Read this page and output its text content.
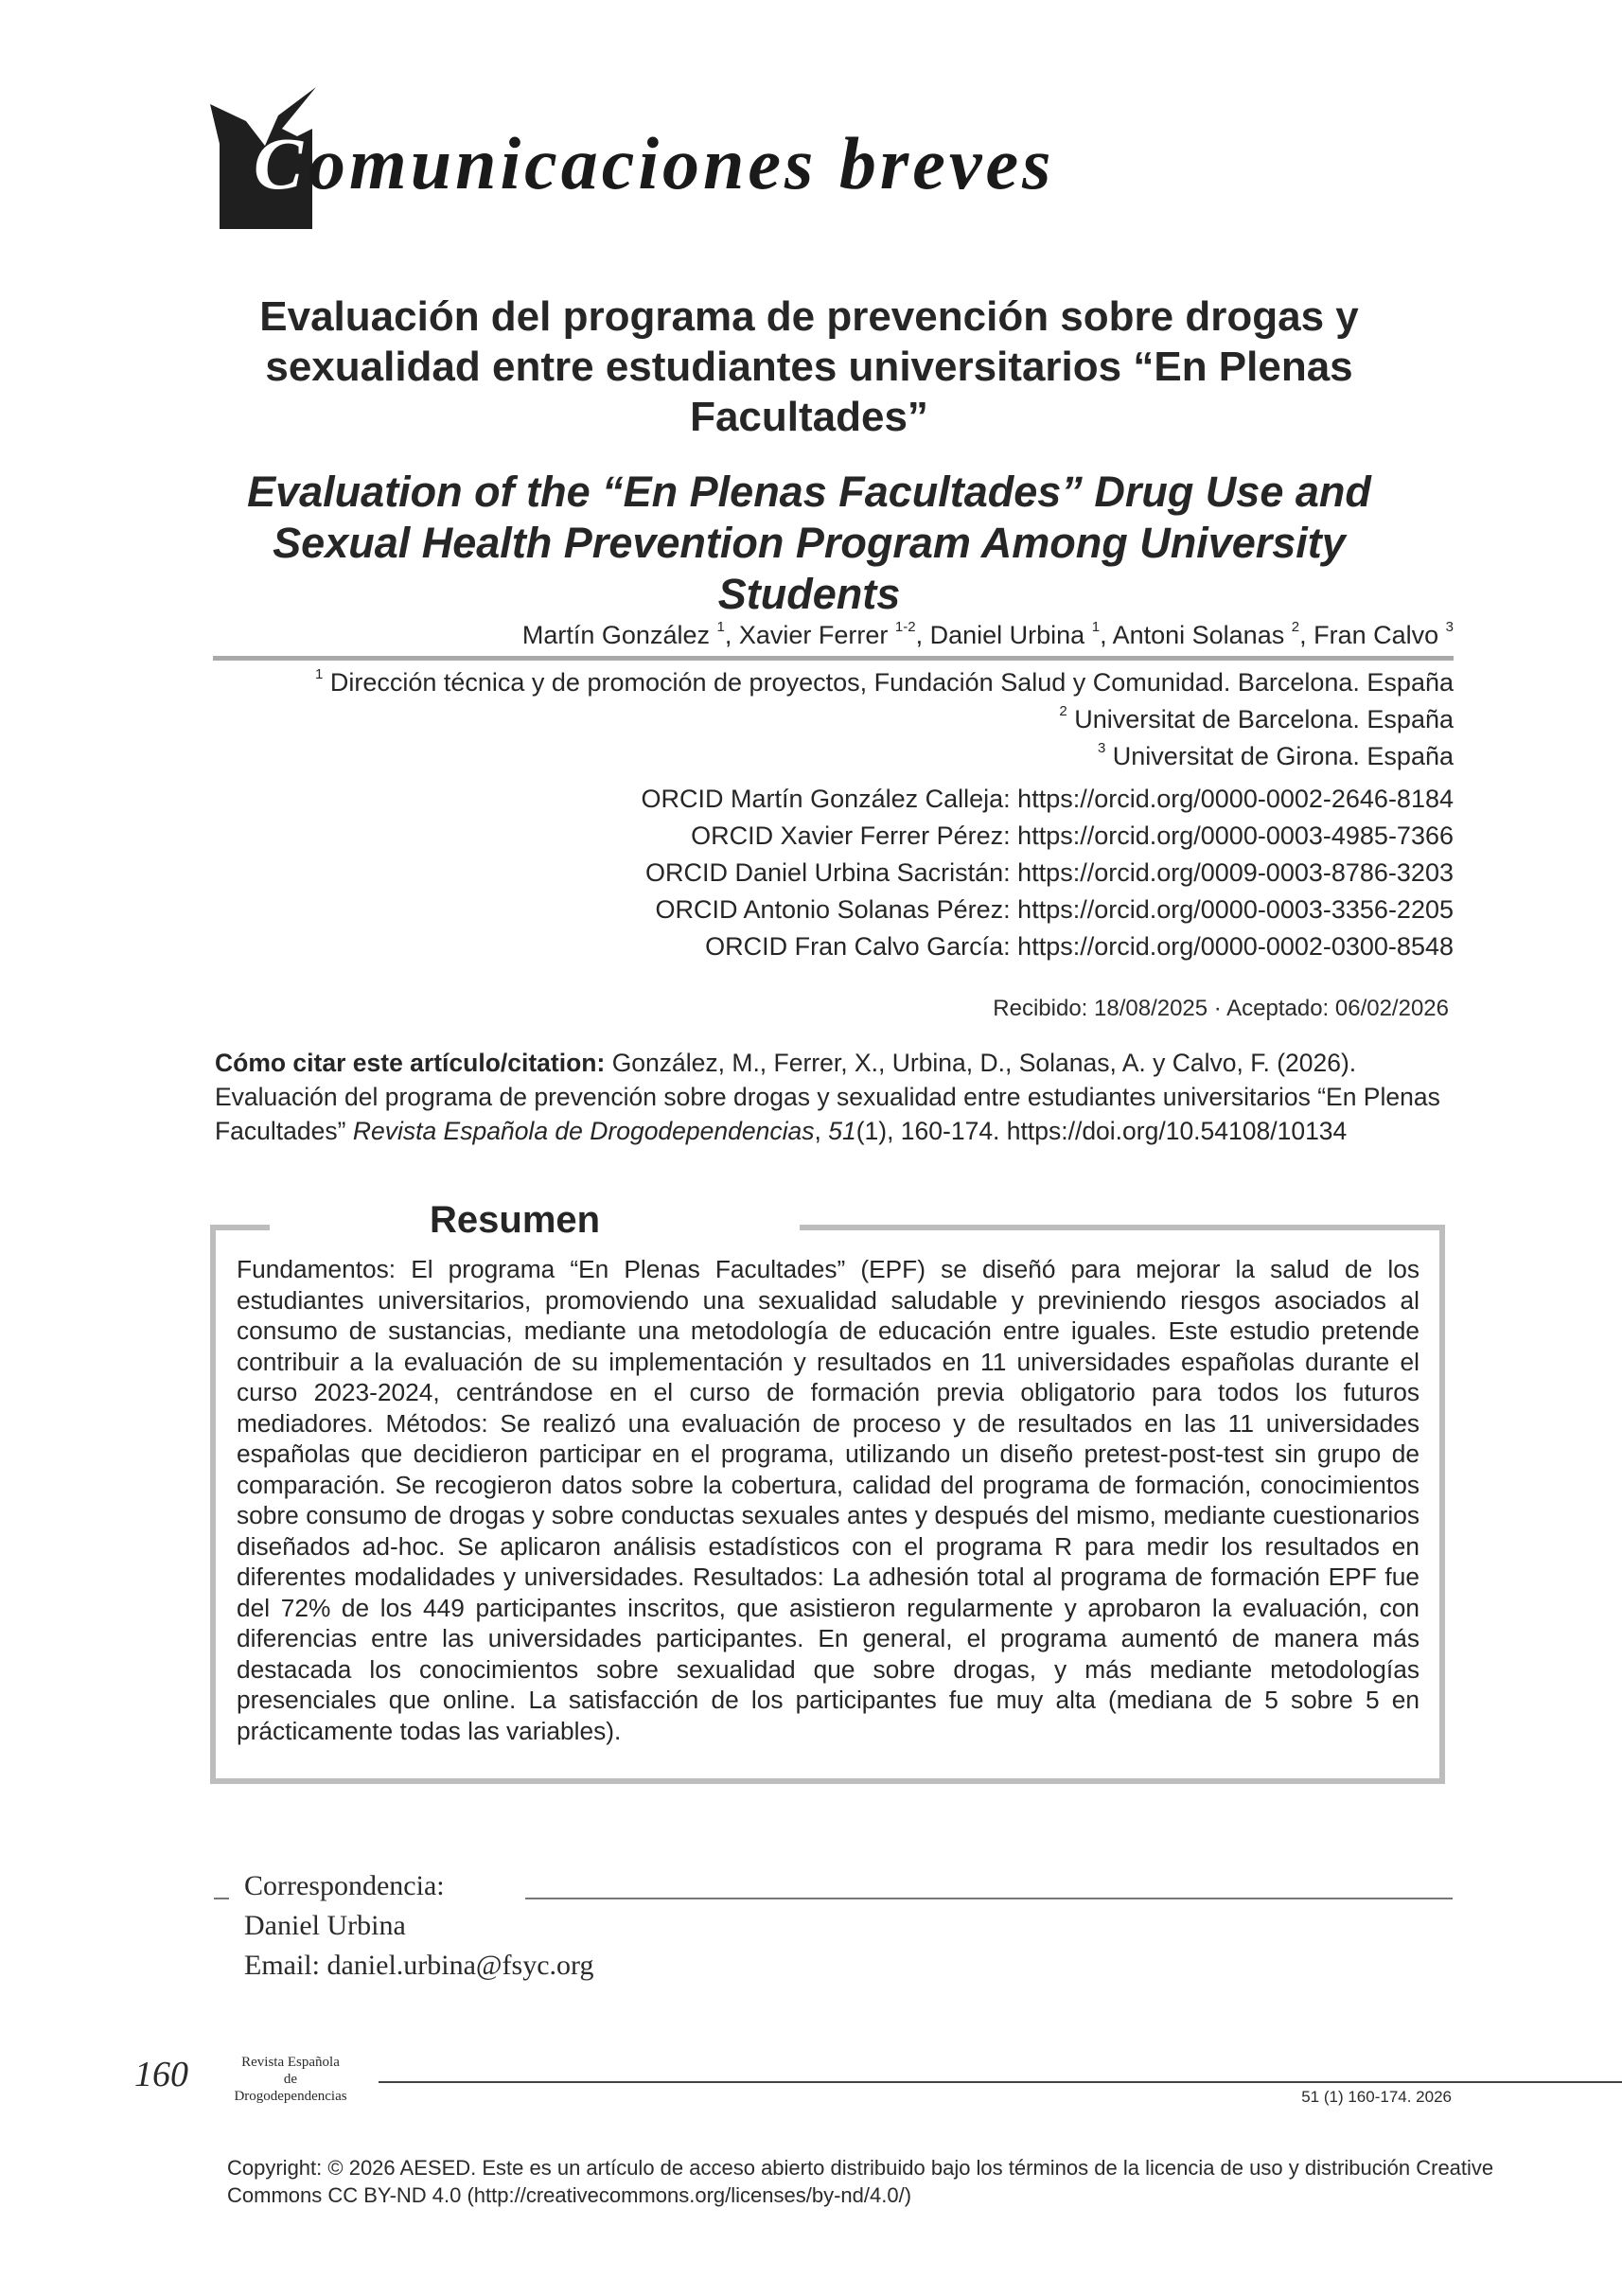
C omunicaciones breves
Evaluación del programa de prevención sobre drogas y sexualidad entre estudiantes universitarios “En Plenas Facultades”
Evaluation of the “En Plenas Facultades” Drug Use and Sexual Health Prevention Program Among University Students
Martín González $^1$, Xavier Ferrer $^{1-2}$, Daniel Urbina $^1$, Antoni Solanas $^2$, Fran Calvo $^3$
$^1$ Dirección técnica y de promoción de proyectos, Fundación Salud y Comunidad. Barcelona. España
$^2$ Universitat de Barcelona. España
$^3$ Universitat de Girona. España
ORCID Martín González Calleja: https://orcid.org/0000-0002-2646-8184
ORCID Xavier Ferrer Pérez: https://orcid.org/0000-0003-4985-7366
ORCID Daniel Urbina Sacristán: https://orcid.org/0009-0003-8786-3203
ORCID Antonio Solanas Pérez: https://orcid.org/0000-0003-3356-2205
ORCID Fran Calvo García: https://orcid.org/0000-0002-0300-8548
Recibido: 18/08/2025 · Aceptado: 06/02/2026
Cómo citar este artículo/citation: González, M., Ferrer, X., Urbina, D., Solanas, A. y Calvo, F. (2026). Evaluación del programa de prevención sobre drogas y sexualidad entre estudiantes universitarios “En Plenas Facultades” Revista Española de Drogodependencias, 51(1), 160-174. https://doi.org/10.54108/10134
Resumen
Fundamentos: El programa “En Plenas Facultades” (EPF) se diseñó para mejorar la salud de los estudiantes universitarios, promoviendo una sexualidad saludable y previniendo riesgos asociados al consumo de sustancias, mediante una metodología de educación entre iguales. Este estudio pretende contribuir a la evaluación de su implementación y resultados en 11 universidades españolas durante el curso 2023-2024, centrándose en el curso de formación previa obligatorio para todos los futuros mediadores. Métodos: Se realizó una evaluación de proceso y de resultados en las 11 universidades españolas que decidieron participar en el programa, utilizando un diseño pretest-post-test sin grupo de comparación. Se recogieron datos sobre la cobertura, calidad del programa de formación, conocimientos sobre consumo de drogas y sobre conductas sexuales antes y después del mismo, mediante cuestionarios diseñados ad-hoc. Se aplicaron análisis estadísticos con el programa R para medir los resultados en diferentes modalidades y universidades. Resultados: La adhesión total al programa de formación EPF fue del 72% de los 449 participantes inscritos, que asistieron regularmente y aprobaron la evaluación, con diferencias entre las universidades participantes. En general, el programa aumentó de manera más destacada los conocimientos sobre sexualidad que sobre drogas, y más mediante metodologías presenciales que online. La satisfacción de los participantes fue muy alta (mediana de 5 sobre 5 en prácticamente todas las variables).
Correspondencia:
Daniel Urbina
Email: daniel.urbina@fsyc.org
160	Revista Española
de
Drogodependencias	51 (1) 160-174. 2026
Copyright: © 2026 AESED. Este es un artículo de acceso abierto distribuido bajo los términos de la licencia de uso y distribución Creative Commons CC BY-ND 4.0 (http://creativecommons.org/licenses/by-nd/4.0/)
